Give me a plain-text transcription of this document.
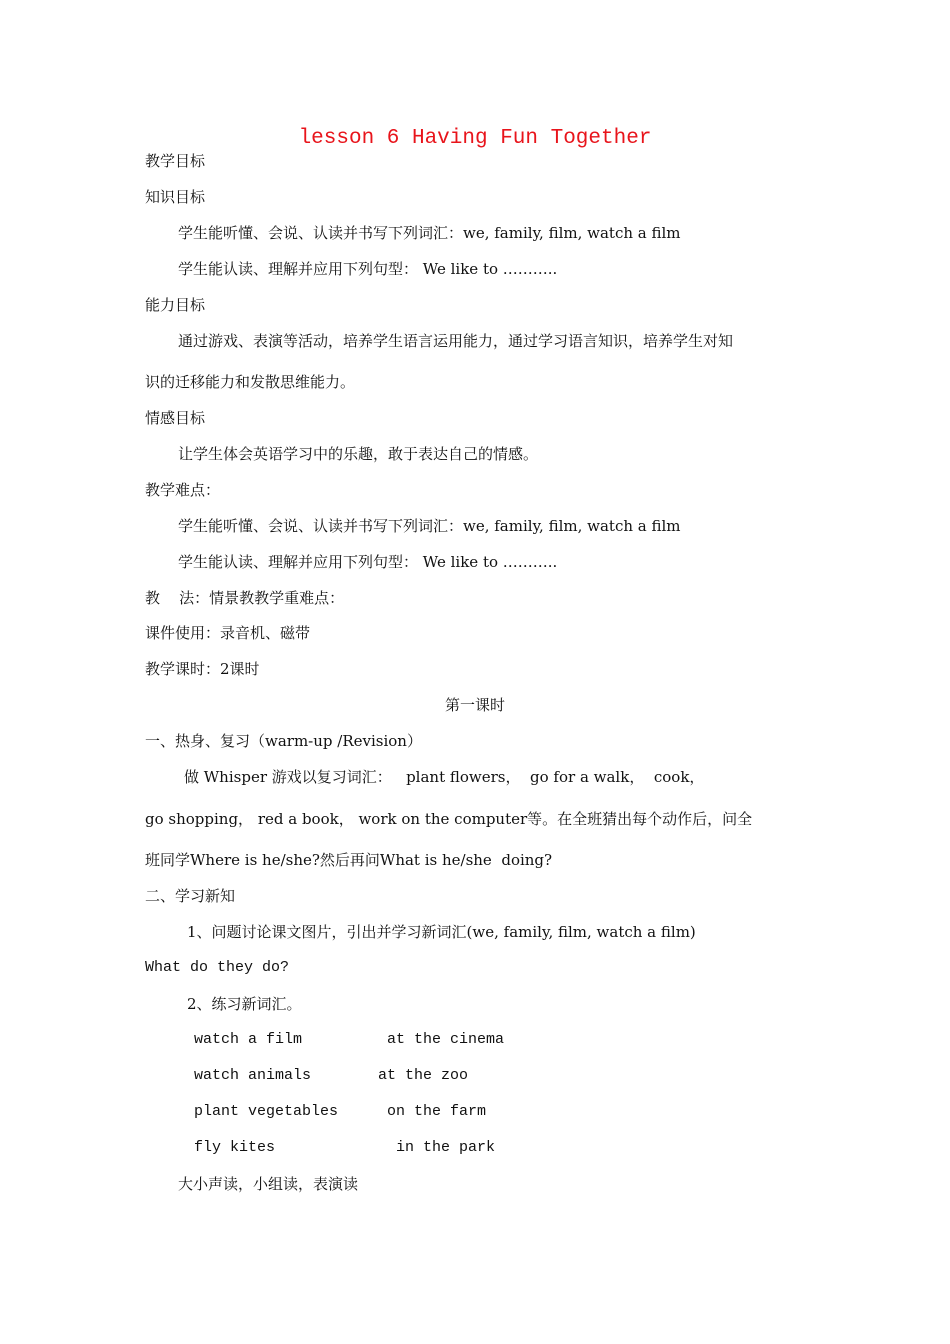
lesson 6 Having Fun Together
教学目标
知识目标
学生能听懂、会说、认读并书写下列词汇：we, family, film, watch a film
学生能认读、理解并应用下列句型： We like to ………..
能力目标
通过游戏、表演等活动，培养学生语言运用能力，通过学习语言知识，培养学生对知
识的迁移能力和发散思维能力。
情感目标
让学生体会英语学习中的乐趣，敢于表达自己的情感。
教学难点：
学生能听懂、会说、认读并书写下列词汇：we, family, film, watch a film
学生能认读、理解并应用下列句型： We like to ………..
教    法：情景教教学重难点：
课件使用：录音机、磁带
教学课时：2课时
第一课时
一、热身、复习（warm-up /Revision）
做 Whisper 游戏以复习词汇：   plant flowers，  go for a walk，  cook，
go shopping， red a book， work on the computer等。在全班猜出每个动作后，问全
班同学Where is he/she?然后再问What is he/she  doing?
二、学习新知
1、问题讨论课文图片，引出并学习新词汇(we, family, film, watch a film)
What do they do?
2、练习新词汇。
watch a film	at the cinema
watch animals	at the zoo
plant vegetables	on the farm
fly kites	in the park
大小声读，小组读，表演读
